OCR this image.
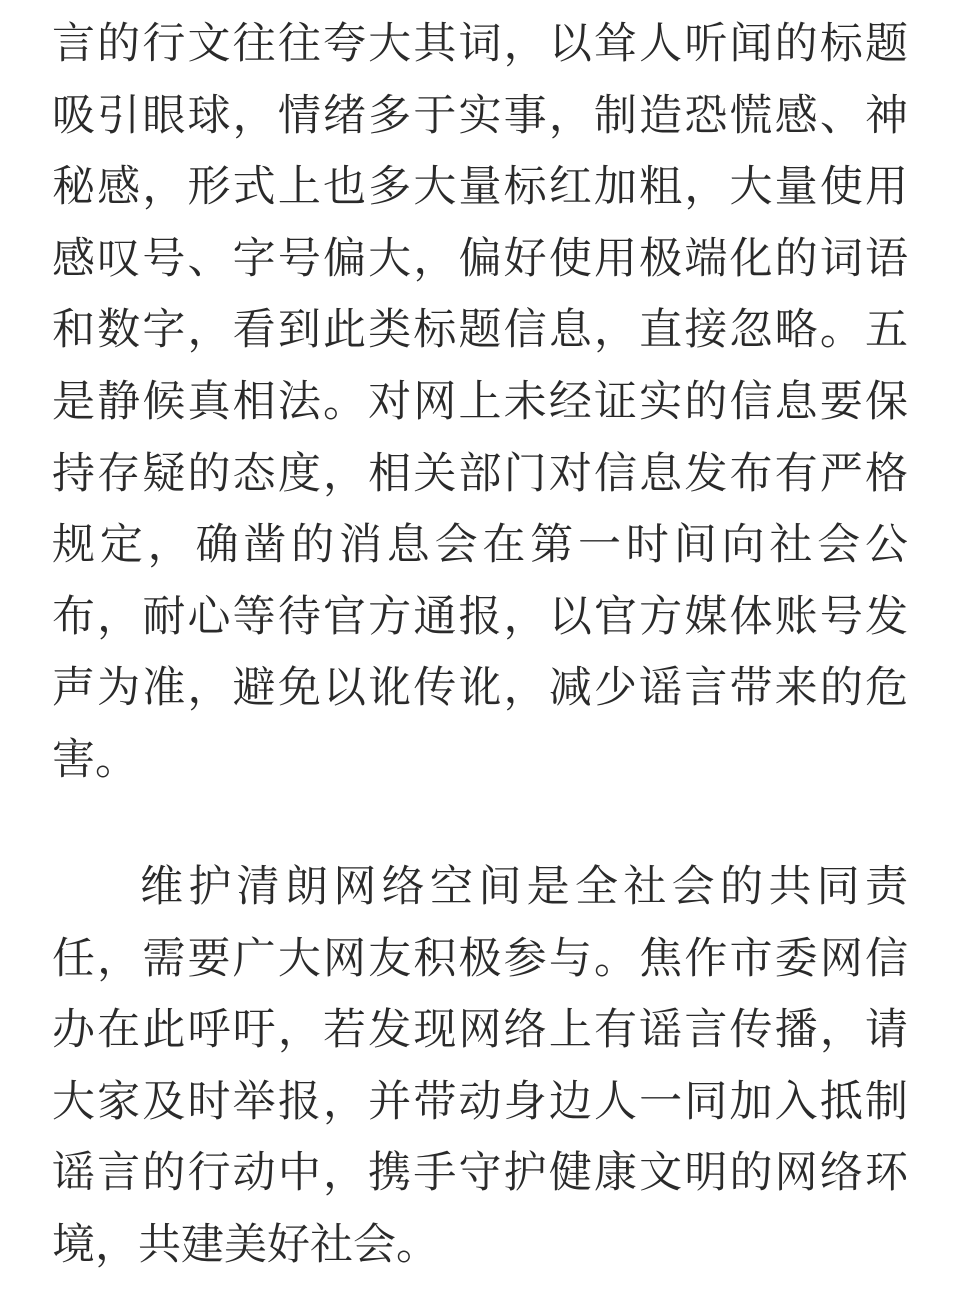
言的行文往往夸大其词，以耸人听闻的标题
吸引眼球，情绪多于实事，制造恐慌感、神
秘感，形式上也多大量标红加粗，大量使用
感叹号、字号偏大，偏好使用极端化的词语
和数字，看到此类标题信息，直接忽略。五
是静候真相法。对网上未经证实的信息要保
持存疑的态度，相关部门对信息发布有严格
规定，确凿的消息会在第一时间向社会公
布，耐心等待官方通报，以官方媒体账号发
声为准，避免以讹传讹，减少谣言带来的危
害。
维护清朗网络空间是全社会的共同责
任，需要广大网友积极参与。焦作市委网信
办在此呼吁，若发现网络上有谣言传播，请
大家及时举报，并带动身边人一同加入抵制
谣言的行动中，携手守护健康文明的网络环
境，共建美好社会。
